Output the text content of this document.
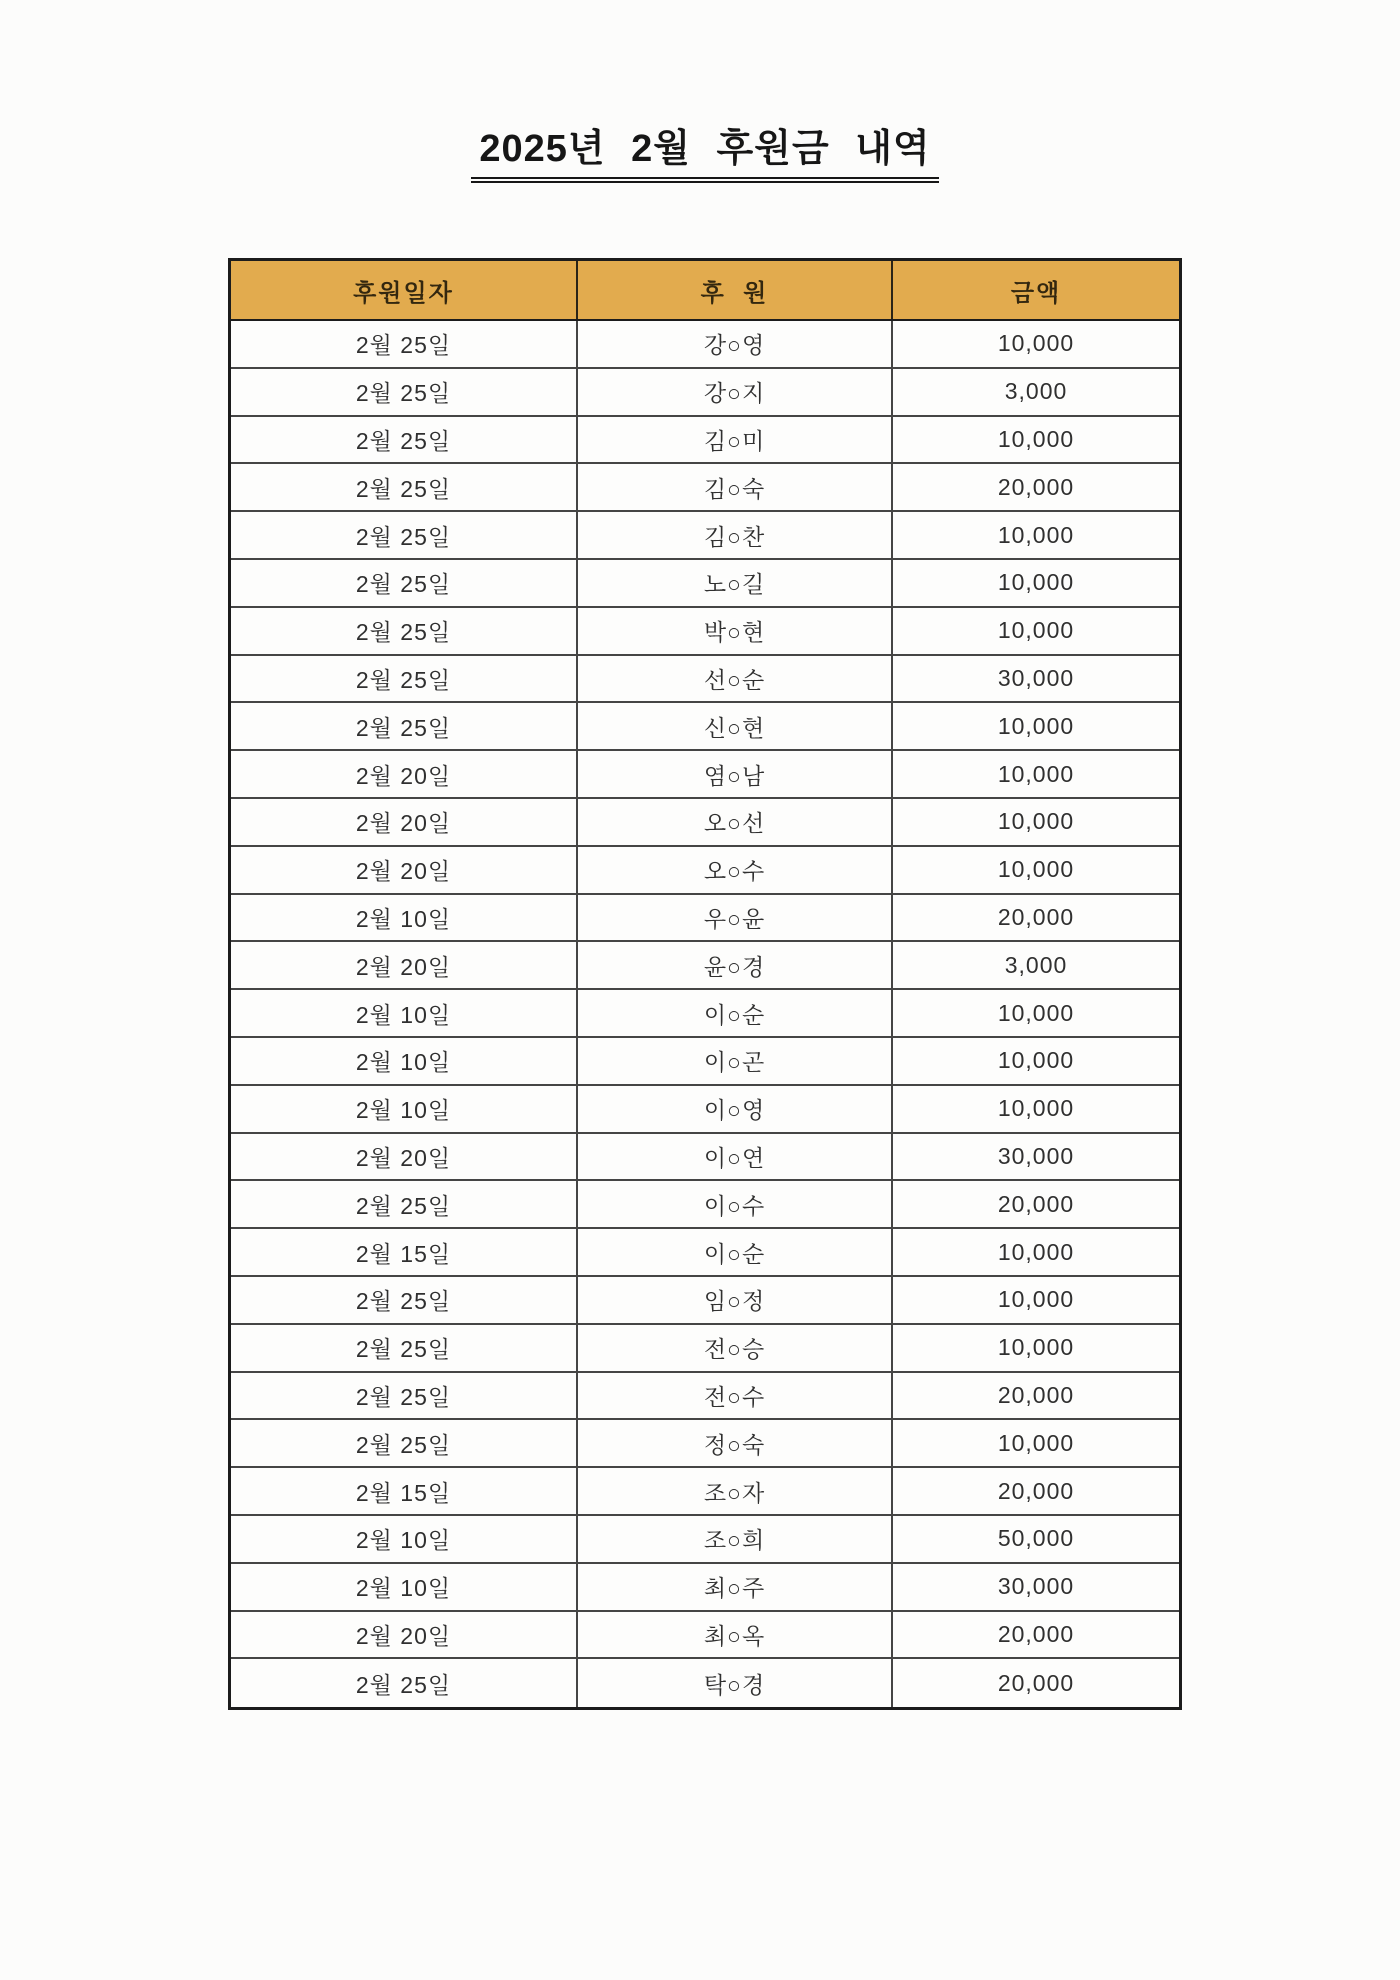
2025년 2월 후원금 내역
후원일자	후  원	금액
2월 25일	강○영	10,000
2월 25일	강○지	3,000
2월 25일	김○미	10,000
2월 25일	김○숙	20,000
2월 25일	김○찬	10,000
2월 25일	노○길	10,000
2월 25일	박○현	10,000
2월 25일	선○순	30,000
2월 25일	신○현	10,000
2월 20일	염○남	10,000
2월 20일	오○선	10,000
2월 20일	오○수	10,000
2월 10일	우○윤	20,000
2월 20일	윤○경	3,000
2월 10일	이○순	10,000
2월 10일	이○곤	10,000
2월 10일	이○영	10,000
2월 20일	이○연	30,000
2월 25일	이○수	20,000
2월 15일	이○순	10,000
2월 25일	임○정	10,000
2월 25일	전○승	10,000
2월 25일	전○수	20,000
2월 25일	정○숙	10,000
2월 15일	조○자	20,000
2월 10일	조○희	50,000
2월 10일	최○주	30,000
2월 20일	최○옥	20,000
2월 25일	탁○경	20,000
